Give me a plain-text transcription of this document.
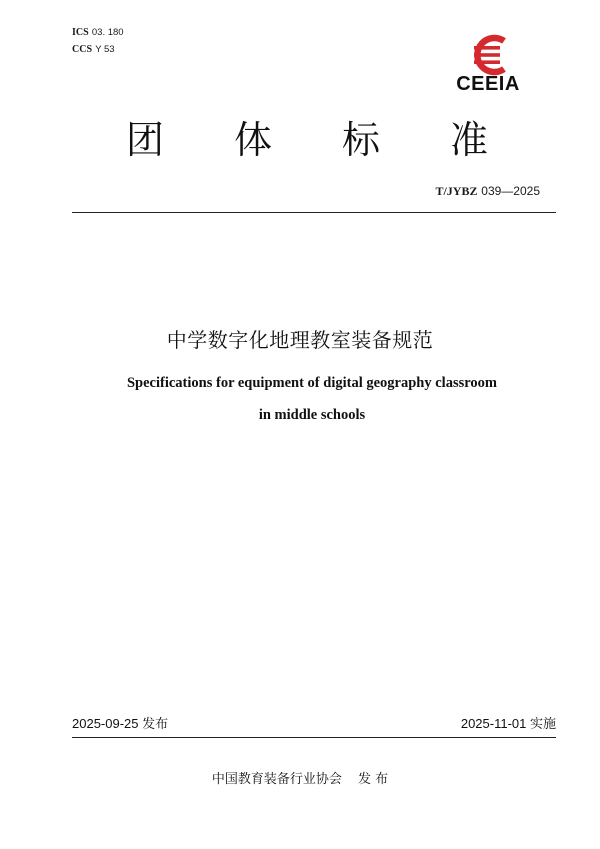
ICS 03. 180
CCS Y 53
CEEIA
团 体 标 准
T/JYBZ 039—2025
中学数字化地理教室装备规范
Specifications for equipment of digital geography classroom
in middle schools
2025-09-25 发布	2025-11-01 实施
中国教育装备行业协会 发 布
